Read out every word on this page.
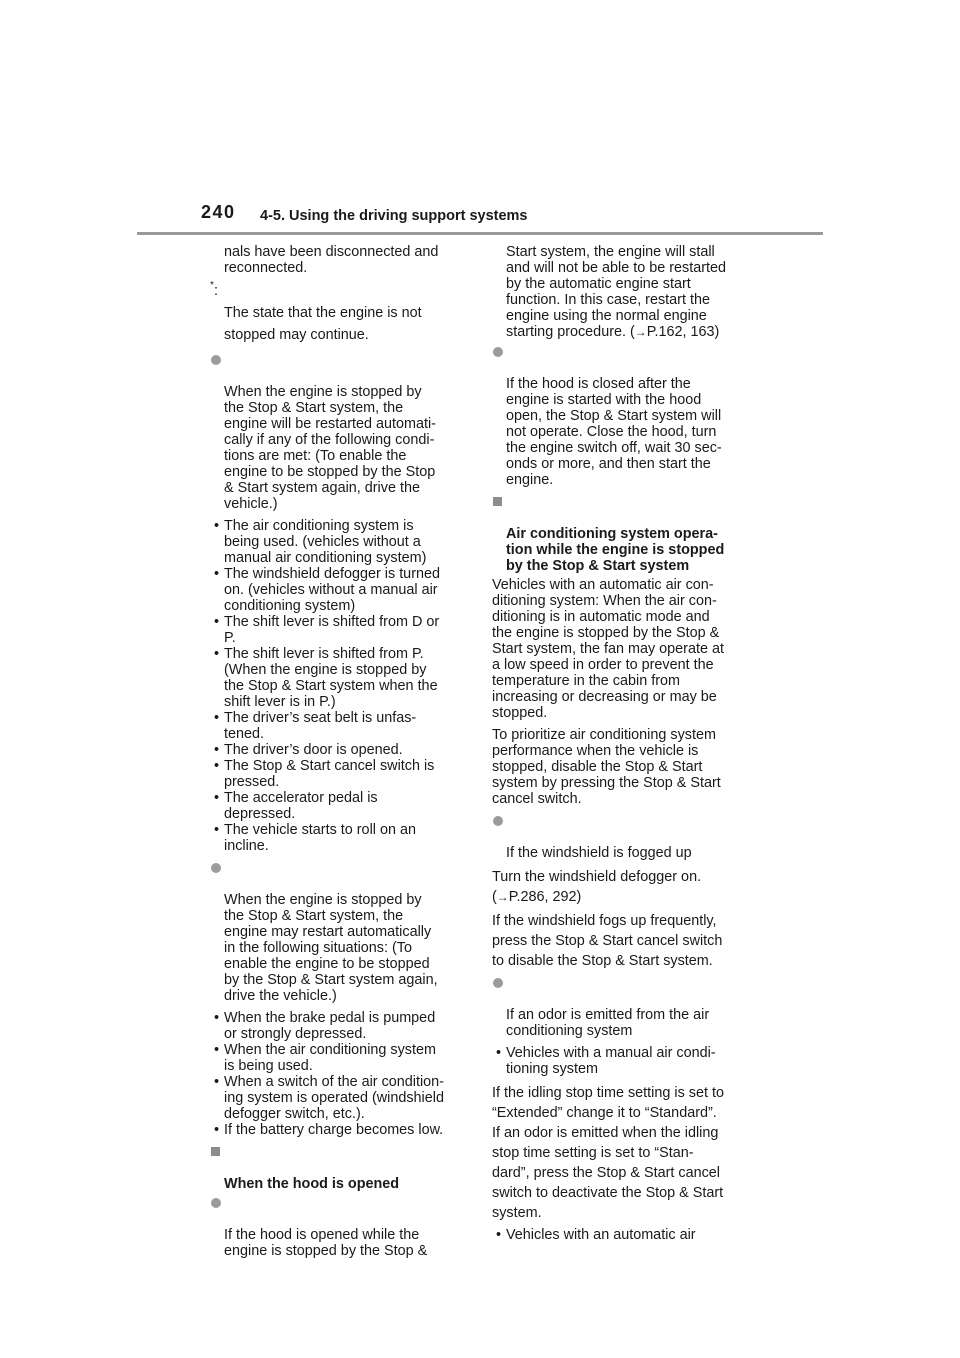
240 4-5. Using the driving support systems
nals have been disconnected and
reconnected.

* :
The state that the engine is not
stopped may continue.

When the engine is stopped by
the Stop & Start system, the
engine will be restarted automati-
cally if any of the following condi-
tions are met: (To enable the
engine to be stopped by the Stop
& Start system again, drive the
vehicle.)

• The air conditioning system is
being used. (vehicles without a
manual air conditioning system)
• The windshield defogger is turned
on. (vehicles without a manual air
conditioning system)
• The shift lever is shifted from D or
P.
• The shift lever is shifted from P.
(When the engine is stopped by
the Stop & Start system when the
shift lever is in P.)
• The driver’s seat belt is unfas-
tened.
• The driver’s door is opened.
• The Stop & Start cancel switch is
pressed.
• The accelerator pedal is
depressed.
• The vehicle starts to roll on an
incline.

When the engine is stopped by
the Stop & Start system, the
engine may restart automatically
in the following situations: (To
enable the engine to be stopped
by the Stop & Start system again,
drive the vehicle.)

• When the brake pedal is pumped
or strongly depressed.
• When the air conditioning system
is being used.
• When a switch of the air condition-
ing system is operated (windshield
defogger switch, etc.).
• If the battery charge becomes low.

When the hood is opened

If the hood is opened while the
engine is stopped by the Stop &

Start system, the engine will stall
and will not be able to be restarted
by the automatic engine start
function. In this case, restart the
engine using the normal engine
starting procedure. (→P.162, 163)

If the hood is closed after the
engine is started with the hood
open, the Stop & Start system will
not operate. Close the hood, turn
the engine switch off, wait 30 sec-
onds or more, and then start the
engine.

Air conditioning system opera-
tion while the engine is stopped
by the Stop & Start system

Vehicles with an automatic air con-
ditioning system: When the air con-
ditioning is in automatic mode and
the engine is stopped by the Stop &
Start system, the fan may operate at
a low speed in order to prevent the
temperature in the cabin from
increasing or decreasing or may be
stopped.
To prioritize air conditioning system
performance when the vehicle is
stopped, disable the Stop & Start
system by pressing the Stop & Start
cancel switch.

If the windshield is fogged up

Turn the windshield defogger on.
(→P.286, 292)
If the windshield fogs up frequently,
press the Stop & Start cancel switch
to disable the Stop & Start system.

If an odor is emitted from the air
conditioning system

• Vehicles with a manual air condi-
tioning system
If the idling stop time setting is set to
“Extended” change it to “Standard”.
If an odor is emitted when the idling
stop time setting is set to “Stan-
dard”, press the Stop & Start cancel
switch to deactivate the Stop & Start
system.
• Vehicles with an automatic air
